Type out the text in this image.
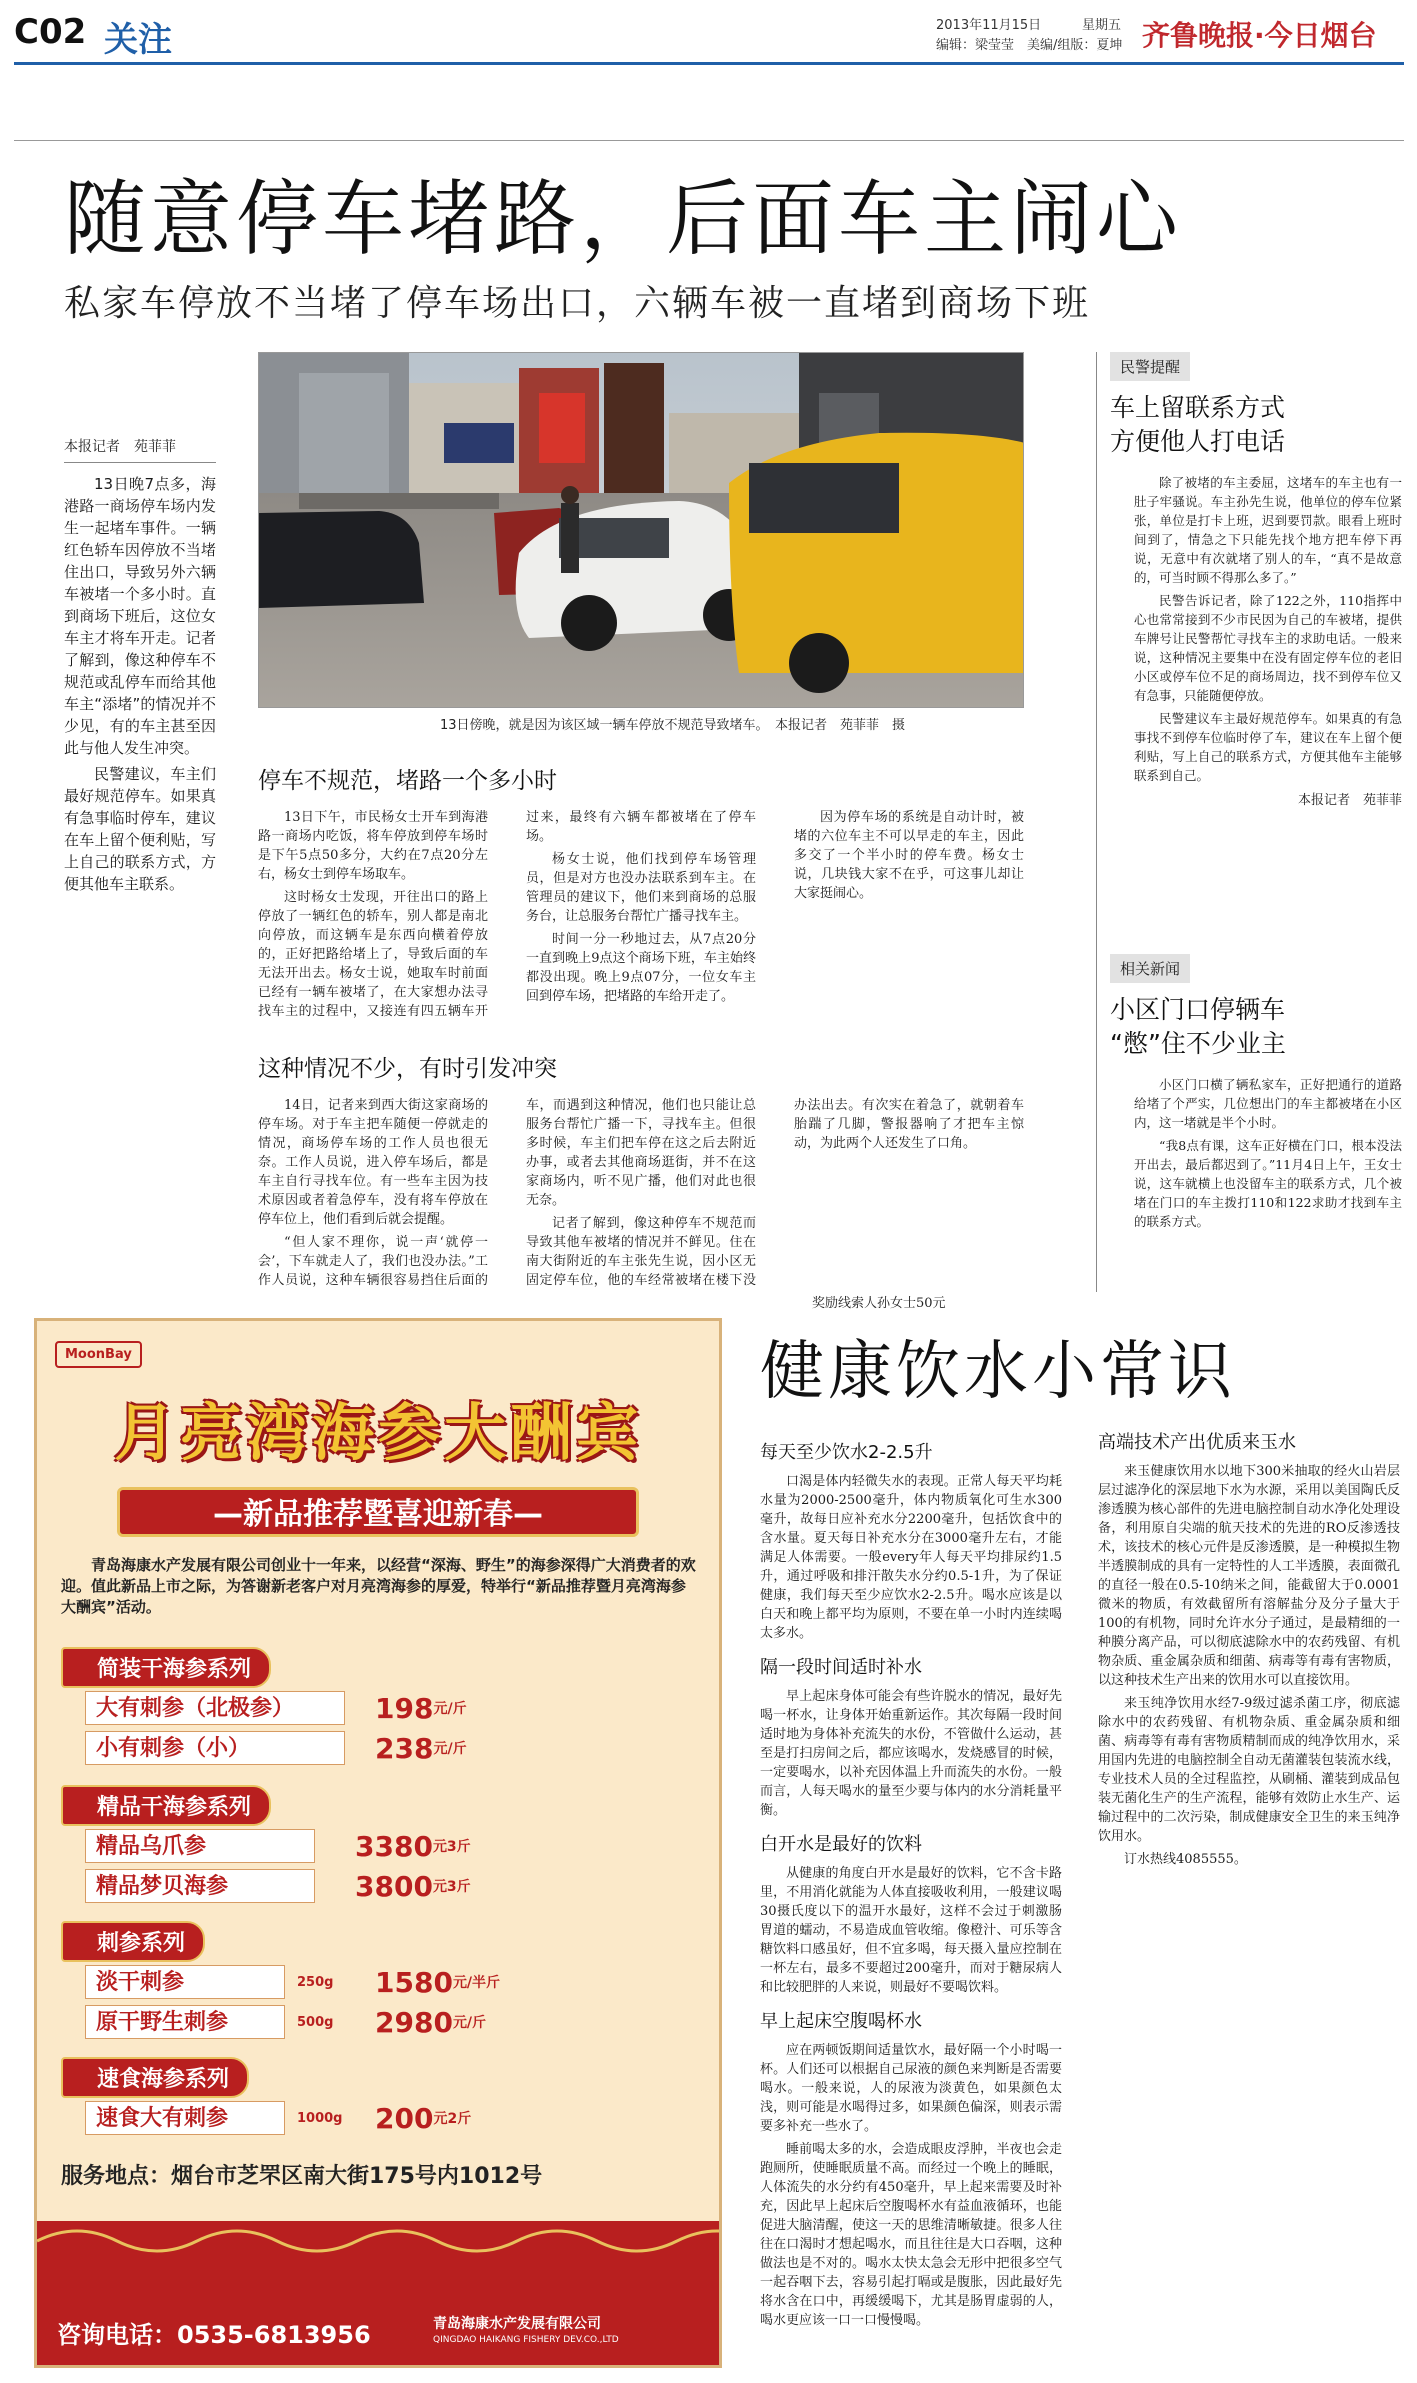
C02 关注	2013年11月15日	星期五
编辑：梁莹莹　美编/组版：夏坤 齐鲁晚报·今日烟台
随意停车堵路，后面车主闹心
私家车停放不当堵了停车场出口，六辆车被一直堵到商场下班
本报记者　苑菲菲

13日晚7点多，海港路一商场停车场内发生一起堵车事件。一辆红色轿车因停放不当堵住出口，导致另外六辆车被堵一个多小时。直到商场下班后，这位女车主才将车开走。记者了解到，像这种停车不规范或乱停车而给其他车主“添堵”的情况并不少见，有的车主甚至因此与他人发生冲突。

民警建议，车主们最好规范停车。如果真有急事临时停车，建议在车上留个便利贴，写上自己的联系方式，方便其他车主联系。

13日傍晚，就是因为该区域一辆车停放不规范导致堵车。　本报记者　苑菲菲　摄
停车不规范，堵路一个多小时

13日下午，市民杨女士开车到海港路一商场内吃饭，将车停放到停车场时是下午5点50多分，大约在7点20分左右，杨女士到停车场取车。

这时杨女士发现，开往出口的路上停放了一辆红色的轿车，别人都是南北向停放，而这辆车是东西向横着停放的，正好把路给堵上了，导致后面的车无法开出去。杨女士说，她取车时前面已经有一辆车被堵了，在大家想办法寻找车主的过程中，又接连有四五辆车开过来，最终有六辆车都被堵在了停车场。

杨女士说，他们找到停车场管理员，但是对方也没办法联系到车主。在管理员的建议下，他们来到商场的总服务台，让总服务台帮忙广播寻找车主。

时间一分一秒地过去，从7点20分一直到晚上9点这个商场下班，车主始终都没出现。晚上9点07分，一位女车主回到停车场，把堵路的车给开走了。

因为停车场的系统是自动计时，被堵的六位车主不可以早走的车主，因此多交了一个半小时的停车费。杨女士说，几块钱大家不在乎，可这事儿却让大家挺闹心。

这种情况不少，有时引发冲突

14日，记者来到西大街这家商场的停车场。对于车主把车随便一停就走的情况，商场停车场的工作人员也很无奈。工作人员说，进入停车场后，都是车主自行寻找车位。有一些车主因为技术原因或者着急停车，没有将车停放在停车位上，他们看到后就会提醒。

“但人家不理你，说一声‘就停一会’，下车就走人了，我们也没办法。”工作人员说，这种车辆很容易挡住后面的车，而遇到这种情况，他们也只能让总服务台帮忙广播一下，寻找车主。但很多时候，车主们把车停在这之后去附近办事，或者去其他商场逛街，并不在这家商场内，听不见广播，他们对此也很无奈。

记者了解到，像这种停车不规范而导致其他车被堵的情况并不鲜见。住在南大街附近的车主张先生说，因小区无固定停车位，他的车经常被堵在楼下没办法出去。有次实在着急了，就朝着车胎踹了几脚，警报器响了才把车主惊动，为此两个人还发生了口角。

奖励线索人孙女士50元
民警提醒
车上留联系方式
方便他人打电话

除了被堵的车主委屈，这堵车的车主也有一肚子牢骚说。车主孙先生说，他单位的停车位紧张，单位是打卡上班，迟到要罚款。眼看上班时间到了，情急之下只能先找个地方把车停下再说，无意中有次就堵了别人的车，“真不是故意的，可当时顾不得那么多了。”

民警告诉记者，除了122之外，110指挥中心也常常接到不少市民因为自己的车被堵，提供车牌号让民警帮忙寻找车主的求助电话。一般来说，这种情况主要集中在没有固定停车位的老旧小区或停车位不足的商场周边，找不到停车位又有急事，只能随便停放。

民警建议车主最好规范停车。如果真的有急事找不到停车位临时停了车，建议在车上留个便利贴，写上自己的联系方式，方便其他车主能够联系到自己。

本报记者　苑菲菲
相关新闻
小区门口停辆车
“憋”住不少业主

小区门口横了辆私家车，正好把通行的道路给堵了个严实，几位想出门的车主都被堵在小区内，这一堵就是半个小时。

“我8点有课，这车正好横在门口，根本没法开出去，最后都迟到了。”11月4日上午，王女士说，这车就横上也没留车主的联系方式，几个被堵在门口的车主拨打110和122求助才找到车主的联系方式。

MoonBay
月亮湾海参大酬宾
—新品推荐暨喜迎新春—
青岛海康水产发展有限公司创业十一年来，以经营“深海、野生”的海参深得广大消费者的欢迎。值此新品上市之际，为答谢新老客户对月亮湾海参的厚爱，特举行“新品推荐暨月亮湾海参大酬宾”活动。
简装干海参系列
大有刺参（北极参）	198 元/斤
小有刺参（小）	238 元/斤
精品干海参系列
精品乌爪参	3380 元3斤
精品梦贝海参	3800 元3斤
刺参系列
淡干刺参	250g	1580 元/半斤
原干野生刺参	500g	2980 元/斤
速食海参系列
速食大有刺参	1000g	200 元2斤
服务地点：烟台市芝罘区南大街175号内1012号
咨询电话：0535-6813956	青岛海康水产发展有限公司
QINGDAO HAIKANG FISHERY DEV.CO.,LTD
健康饮水小常识
每天至少饮水2-2.5升

口渴是体内轻微失水的表现。正常人每天平均耗水量为2000-2500毫升，体内物质氧化可生水300毫升，故每日应补充水分2200毫升，包括饮食中的含水量。夏天每日补充水分在3000毫升左右，才能满足人体需要。一般every年人每天平均排尿约1.5升，通过呼吸和排汗散失水分约0.5-1升，为了保证健康，我们每天至少应饮水2-2.5升。喝水应该是以白天和晚上都平均为原则，不要在单一小时内连续喝太多水。

隔一段时间适时补水

早上起床身体可能会有些许脱水的情况，最好先喝一杯水，让身体开始重新运作。其次每隔一段时间适时地为身体补充流失的水份，不管做什么运动，甚至是打扫房间之后，都应该喝水，发烧感冒的时候，一定要喝水，以补充因体温上升而流失的水份。一般而言，人每天喝水的量至少要与体内的水分消耗量平衡。

白开水是最好的饮料

从健康的角度白开水是最好的饮料，它不含卡路里，不用消化就能为人体直接吸收利用，一般建议喝30摄氏度以下的温开水最好，这样不会过于刺激肠胃道的蠕动，不易造成血管收缩。像橙汁、可乐等含糖饮料口感虽好，但不宜多喝，每天摄入量应控制在一杯左右，最多不要超过200毫升，而对于糖尿病人和比较肥胖的人来说，则最好不要喝饮料。

早上起床空腹喝杯水

应在两顿饭期间适量饮水，最好隔一个小时喝一杯。人们还可以根据自己尿液的颜色来判断是否需要喝水。一般来说，人的尿液为淡黄色，如果颜色太浅，则可能是水喝得过多，如果颜色偏深，则表示需要多补充一些水了。

睡前喝太多的水，会造成眼皮浮肿，半夜也会走跑厕所，使睡眠质量不高。而经过一个晚上的睡眠，人体流失的水分约有450毫升，早上起来需要及时补充，因此早上起床后空腹喝杯水有益血液循环，也能促进大脑清醒，使这一天的思维清晰敏捷。很多人往往在口渴时才想起喝水，而且往往是大口吞咽，这种做法也是不对的。喝水太快太急会无形中把很多空气一起吞咽下去，容易引起打嗝或是腹胀，因此最好先将水含在口中，再缓缓喝下，尤其是肠胃虚弱的人，喝水更应该一口一口慢慢喝。

高端技术产出优质来玉水

来玉健康饮用水以地下300米抽取的经火山岩层层过滤净化的深层地下水为水源，采用以美国陶氏反渗透膜为核心部件的先进电脑控制自动水净化处理设备，利用原自尖端的航天技术的先进的RO反渗透技术，该技术的核心元件是反渗透膜，是一种模拟生物半透膜制成的具有一定特性的人工半透膜，表面微孔的直径一般在0.5-10纳米之间，能截留大于0.0001微米的物质，有效截留所有溶解盐分及分子量大于100的有机物，同时允许水分子通过，是最精细的一种膜分离产品，可以彻底滤除水中的农药残留、有机物杂质、重金属杂质和细菌、病毒等有毒有害物质，以这种技术生产出来的饮用水可以直接饮用。

来玉纯净饮用水经7-9级过滤杀菌工序，彻底滤除水中的农药残留、有机物杂质、重金属杂质和细菌、病毒等有毒有害物质精制而成的纯净饮用水，采用国内先进的电脑控制全自动无菌灌装包装流水线，专业技术人员的全过程监控，从刷桶、灌装到成品包装无菌化生产的生产流程，能够有效防止水生产、运输过程中的二次污染，制成健康安全卫生的来玉纯净饮用水。

订水热线4085555。
